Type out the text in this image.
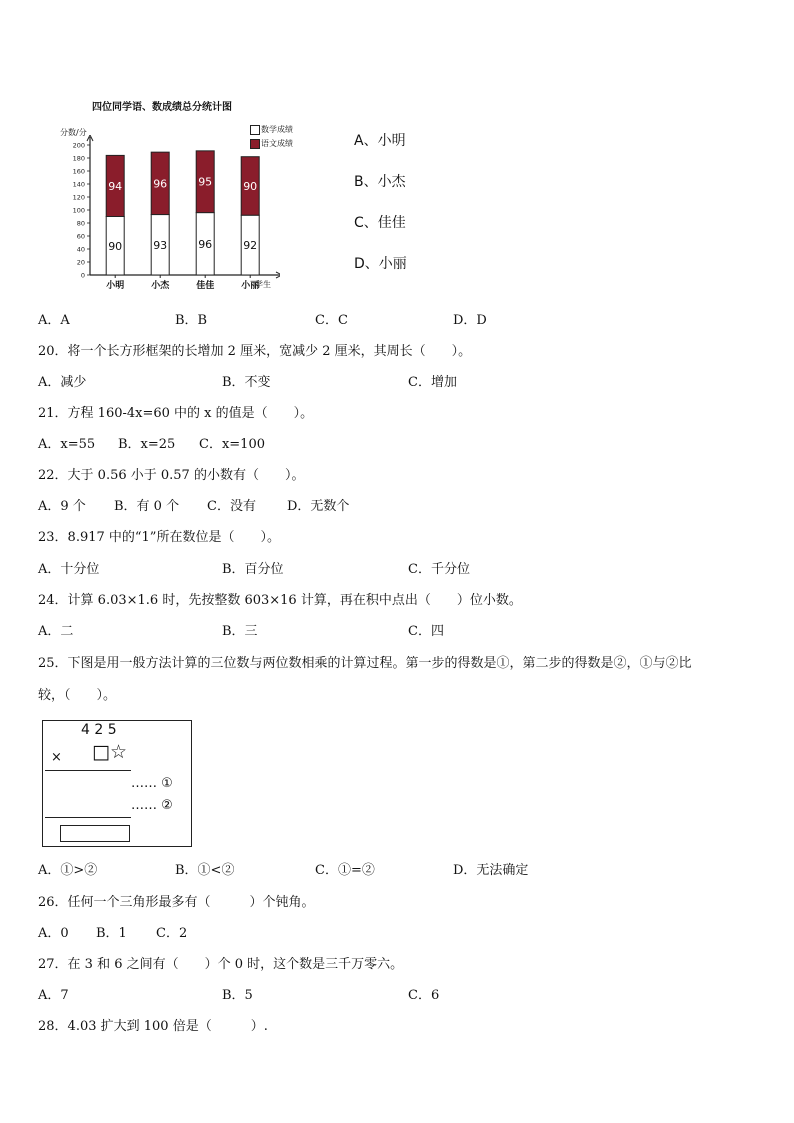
四位同学语、数成绩总分统计图
分数/分
学生
数学成绩
语文成绩
0
20
40
60
80
100
120
140
160
180
200
90
94
93
96
96
95
92
90
小明	小杰	佳佳	小丽
A、小明
B、小杰
C、佳佳
D、小丽
A．A	B．B	C．C	D．D
20．将一个长方形框架的长增加 2 厘米，宽减少 2 厘米，其周长（　　）。
A．减少	B．不变	C．增加
21．方程 160-4x=60 中的 x 的值是（　　）。
A．x=55 B．x=25 C．x=100
22．大于 0.56 小于 0.57 的小数有（　　）。
A．9 个 B．有 0 个 C．没有 D．无数个
23．8.917 中的“1”所在数位是（　　）。
A．十分位	B．百分位	C．千分位
24．计算 6.03×1.6 时，先按整数 603×16 计算，再在积中点出（　　）位小数。
A．二	B．三	C．四
25．下图是用一般方法计算的三位数与两位数相乘的计算过程。第一步的得数是①，第二步的得数是②，①与②比
较，（　　）。
4 2 5
× □☆
…… ①
…… ②
A．①>②	B．①<②	C．①=②	D．无法确定
26．任何一个三角形最多有（　　　）个钝角。
A．0 B．1 C．2
27．在 3 和 6 之间有（　　）个 0 时，这个数是三千万零六。
A．7	B．5	C．6
28．4.03 扩大到 100 倍是（　　　）.
